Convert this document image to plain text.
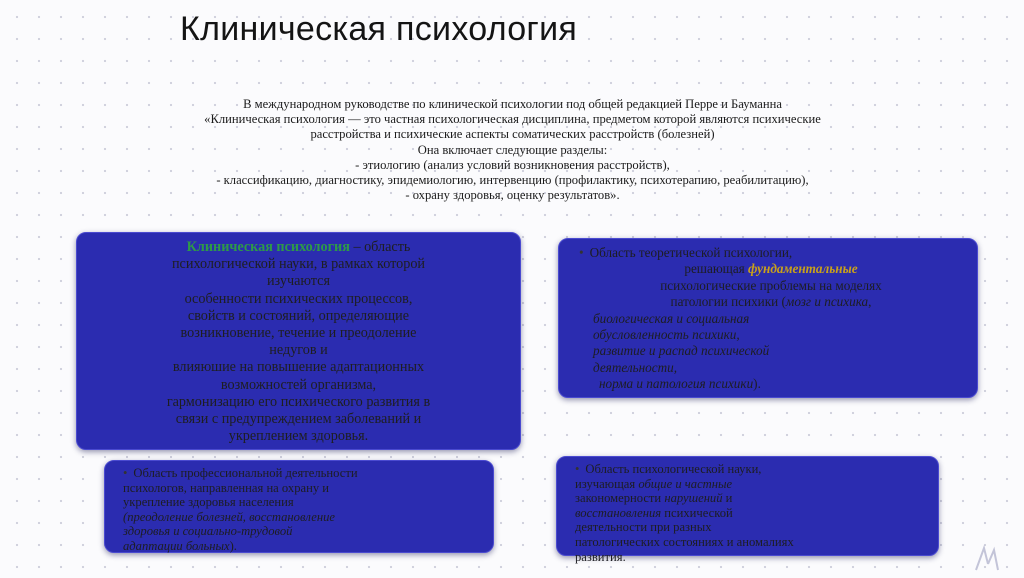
Клиническая психология
В международном руководстве по клинической психологии под общей редакцией Перре и Бауманна
«Клиническая психология — это частная психологическая дисциплина, предметом которой являются психические
расстройства и психические аспекты соматических расстройств (болезней)
Она включает следующие разделы:
- этиологию (анализ условий возникновения расстройств),
- классификацию, диагностику, эпидемиологию, интервенцию (профилактику, психотерапию, реабилитацию),
- охрану здоровья, оценку результатов».
Клиническая психология – область
психологической науки, в рамках которой
изучаются
особенности психических процессов,
свойств и состояний, определяющие
возникновение, течение и преодоление
недугов и
влияюшие на повышение адаптационных
возможностей организма,
гармонизацию его психического развития в
связи с предупреждением заболеваний и
укреплением здоровья.
• Область теоретической психологии,
решающая фундаментальные
психологические проблемы на моделях
патологии психики (мозг и психика,
биологическая и социальная
обусловленность психики,
развитие и распад психической
деятельности,
норма и патология психики).
• Область профессиональной деятельности
психологов, направленная на охрану и
укрепление здоровья населения
(преодоление болезней, восстановление
здоровья и социально-трудовой
адаптации больных).
• Область психологической науки,
изучающая общие и частные
закономерности нарушений и
восстановления психической
деятельности при разных
патологических состояниях и аномалиях
развития.
